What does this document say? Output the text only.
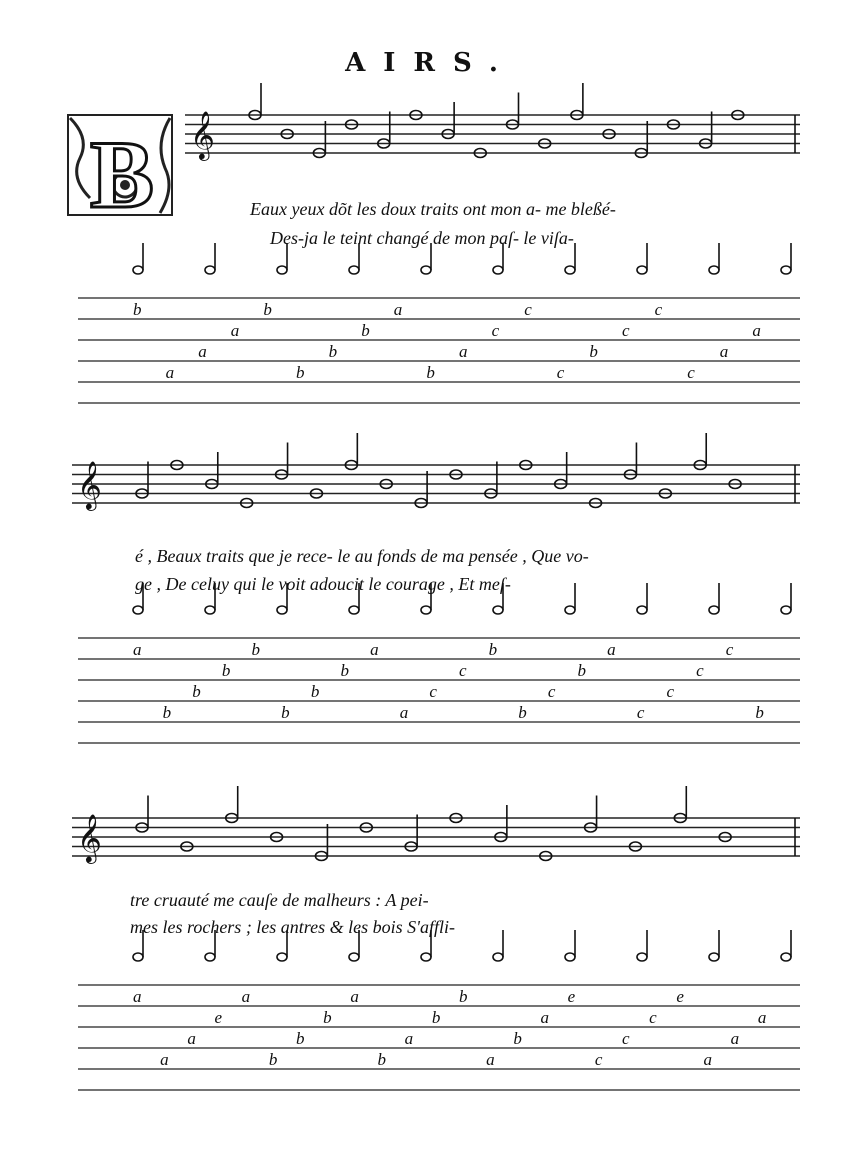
AIRS.
B 𝄞
𝄞
𝄞
b
a
a
a
b
b
b
b
a
b
a
c
c
c
b
c
c
c
a
a
a
b
b
b
b
b
b
b
a
a
c
c
b
b
c
b
a
c
c
c
c
b
a
a
a
e
a
b
b
b
a
b
a
b
b
a
b
a
e
c
c
c
e
a
a
a
Eaux yeux dõt les doux traits ont mon a- me bleßé-
Des-ja le teint changé de mon paſ- le viſa-
é , Beaux traits que je rece- le au fonds de ma pensée , Que vo-
ge , De celuy qui le voit adoucit le courage , Et meſ-
tre cruauté me cauſe de malheurs : A pei-
mes les rochers ; les antres & les bois S'affli-
